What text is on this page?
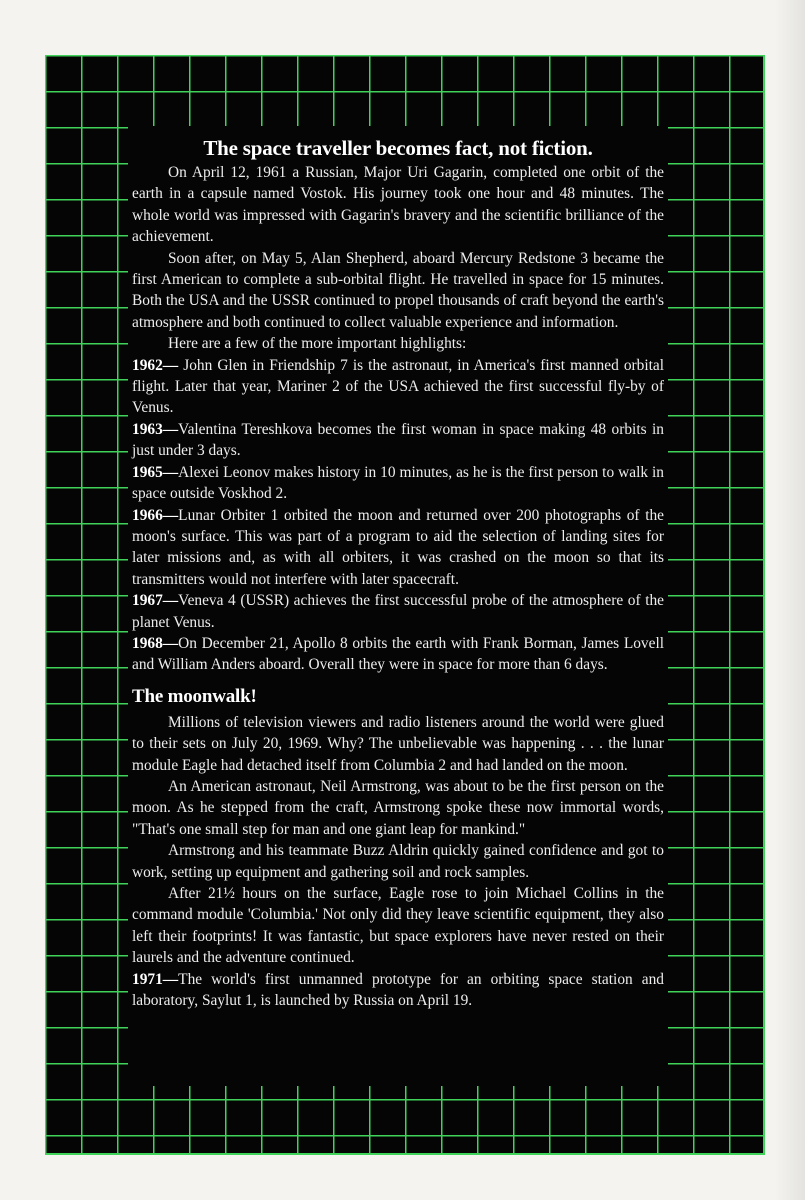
The space traveller becomes fact, not fiction.

On April 12, 1961 a Russian, Major Uri Gagarin, completed one orbit of the earth in a capsule named Vostok. His journey took one hour and 48 minutes. The whole world was impressed with Gagarin's bravery and the scientific brilliance of the achievement.

Soon after, on May 5, Alan Shepherd, aboard Mercury Redstone 3 became the first American to complete a sub-orbital flight. He travelled in space for 15 minutes. Both the USA and the USSR continued to propel thousands of craft beyond the earth's atmosphere and both continued to collect valuable experience and information.

Here are a few of the more important highlights:

1962— John Glen in Friendship 7 is the astronaut, in America's first manned orbital flight. Later that year, Mariner 2 of the USA achieved the first successful fly-by of Venus.

1963—Valentina Tereshkova becomes the first woman in space making 48 orbits in just under 3 days.

1965—Alexei Leonov makes history in 10 minutes, as he is the first person to walk in space outside Voskhod 2.

1966—Lunar Orbiter 1 orbited the moon and returned over 200 photographs of the moon's surface. This was part of a program to aid the selection of landing sites for later missions and, as with all orbiters, it was crashed on the moon so that its transmitters would not interfere with later spacecraft.

1967—Veneva 4 (USSR) achieves the first successful probe of the atmosphere of the planet Venus.

1968—On December 21, Apollo 8 orbits the earth with Frank Borman, James Lovell and William Anders aboard. Overall they were in space for more than 6 days.

The moonwalk!

Millions of television viewers and radio listeners around the world were glued to their sets on July 20, 1969. Why? The unbelievable was happening . . . the lunar module Eagle had detached itself from Columbia 2 and had landed on the moon.

An American astronaut, Neil Armstrong, was about to be the first person on the moon. As he stepped from the craft, Armstrong spoke these now immortal words, "That's one small step for man and one giant leap for mankind."

Armstrong and his teammate Buzz Aldrin quickly gained confidence and got to work, setting up equipment and gathering soil and rock samples.

After 21½ hours on the surface, Eagle rose to join Michael Collins in the command module 'Columbia.' Not only did they leave scientific equipment, they also left their footprints! It was fantastic, but space explorers have never rested on their laurels and the adventure continued.

1971—The world's first unmanned prototype for an orbiting space station and laboratory, Saylut 1, is launched by Russia on April 19.
